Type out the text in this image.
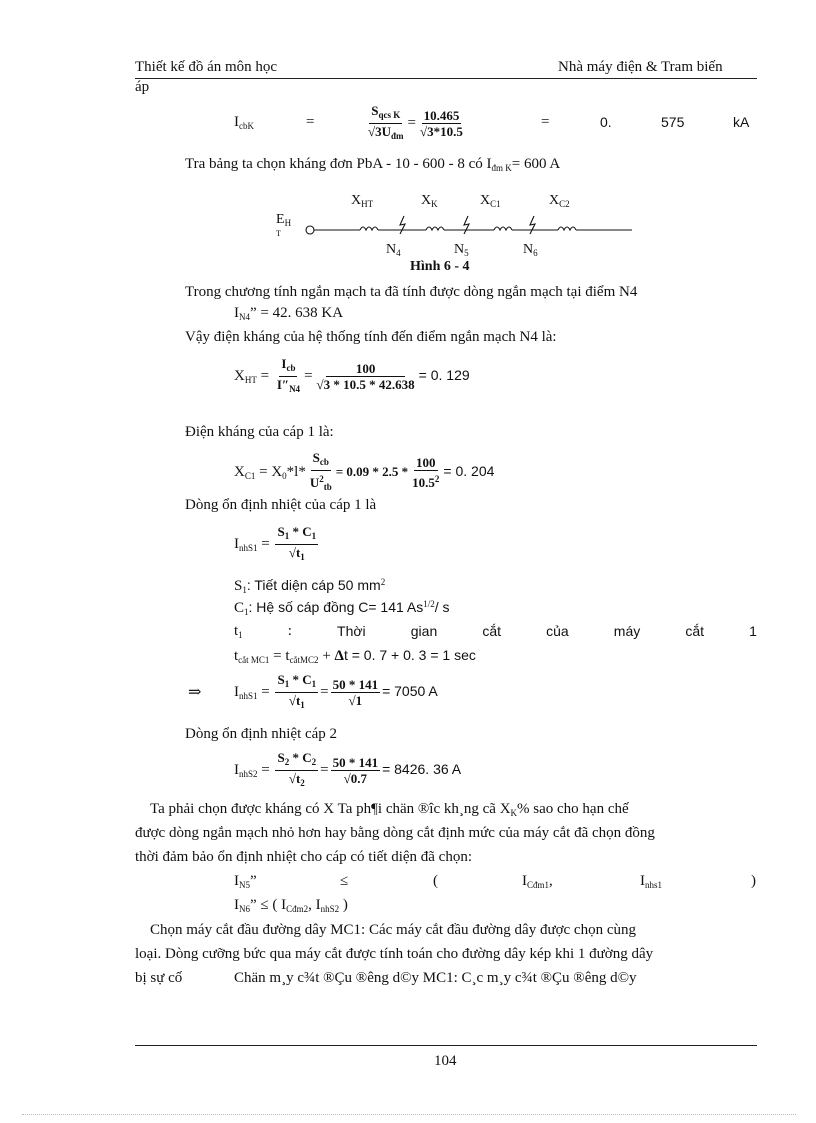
Thiết kế đồ án môn học	Nhà máy điện & Tram biến
áp
$I_{cbK}$	=	$\frac{S_{qcs K}}{√3U_{đm}} = \frac{10.465}{√3*10.5}$	=	0.	575	kA
Tra bảng ta chọn kháng đơn PbA - 10 - 600 - 8 có $I_{đm K}= 600$ A
$E_H$
T
$X_{HT}$	$X_K$	$X_{C1}$	$X_{C2}$
$N_4$	$N_5$	$N_6$
Hình 6 - 4
Trong chương tính ngắn mạch ta đã tính được dòng ngắn mạch tại điểm N4
$I_{N4}$” = 42. 638 KA
Vậy điện kháng của hệ thống tính đến điểm ngắn mạch N4 là:
$X_{HT} = \frac{I_{cb}}{I''_{N4}} = \frac{100}{√3 * 10.5 * 42.638} = 0$. 129
Điện kháng của cáp 1 là:
$X_{C1} = X_0*l* \frac{S_{cb}}{U^2_{tb}} = 0.09 * 2.5 * \frac{100}{10.5^2} = 0$. 204
Dòng ổn định nhiệt của cáp 1 là
$I_{nhS1} = \frac{S_1 * C_1}{√t_1}$
$S_1$: Tiết diện cáp 50 $mm^2$
$C_1$: Hệ số cáp đồng C= 141 $As^{1/2}/$ s
$t_1$	:	Thời	gian	cắt	của	máy	cắt	1
$t_{cắt MC1} = t_{cắtMC2} + \Delta t = 0$. 7 + 0. 3 = 1 sec
⇒ $I_{nhS1} = \frac{S_1 * C_1}{√t_1} = \frac{50 * 141}{√1} = 7050$ A
Dòng ổn định nhiệt cáp 2
$I_{nhS2} = \frac{S_2 * C_2}{√t_2} = \frac{50 * 141}{√0.7} = 8426$. 36 A
Ta phải chọn được kháng có X Ta ph¶i chän ®îc kh¸ng cã $X_K\%$ sao cho hạn chế
được dòng ngắn mạch nhỏ hơn hay bằng dòng cắt định mức của máy cắt đã chọn đồng
thời đảm bảo ổn định nhiệt cho cáp có tiết diện đã chọn:
$I_{N5}$”	≤	(	$I_{Cđm1}$,	$I_{nhs1}$	)
$I_{N6}$” ≤ ( $I_{Cđm2}$, $I_{nhS2}$ )
Chọn máy cắt đầu đường dây MC1: Các máy cắt đầu đường dây được chọn cùng
loại. Dòng cưỡng bức qua máy cắt được tính toán cho đường dây kép khi 1 đường dây
bị sự cố	Chän m¸y c¾t ®Çu ®êng d©y MC1: C¸c m¸y c¾t ®Çu ®êng d©y
104
